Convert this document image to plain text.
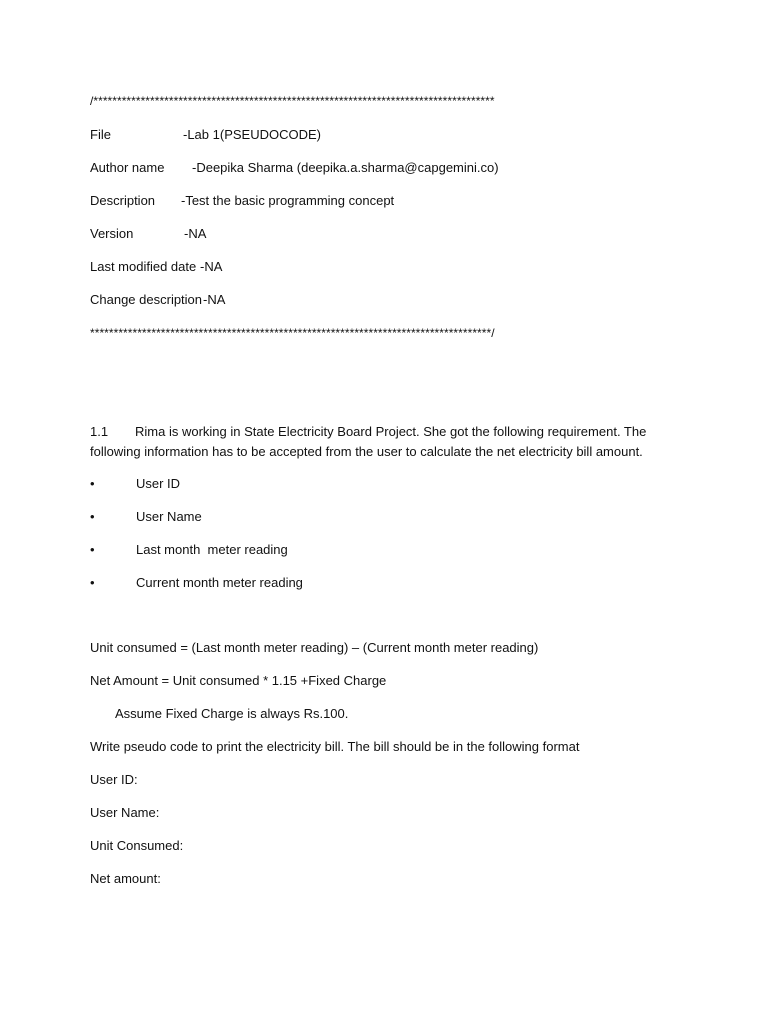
/*************************************************************************************
File	-Lab 1(PSEUDOCODE)
Author name -Deepika Sharma (deepika.a.sharma@capgemini.co)
Description -Test the basic programming concept
Version	-NA
Last modified date -NA
Change description -NA
*************************************************************************************/
1.1 Rima is working in State Electricity Board Project. She got the following requirement. The following information has to be accepted from the user to calculate the net electricity bill amount.
•	User ID
•	User Name
•	Last month  meter reading
•	Current month meter reading
Unit consumed = (Last month meter reading) – (Current month meter reading)
Net Amount = Unit consumed * 1.15 +Fixed Charge
Assume Fixed Charge is always Rs.100.
Write pseudo code to print the electricity bill. The bill should be in the following format
User ID:
User Name:
Unit Consumed:
Net amount:
